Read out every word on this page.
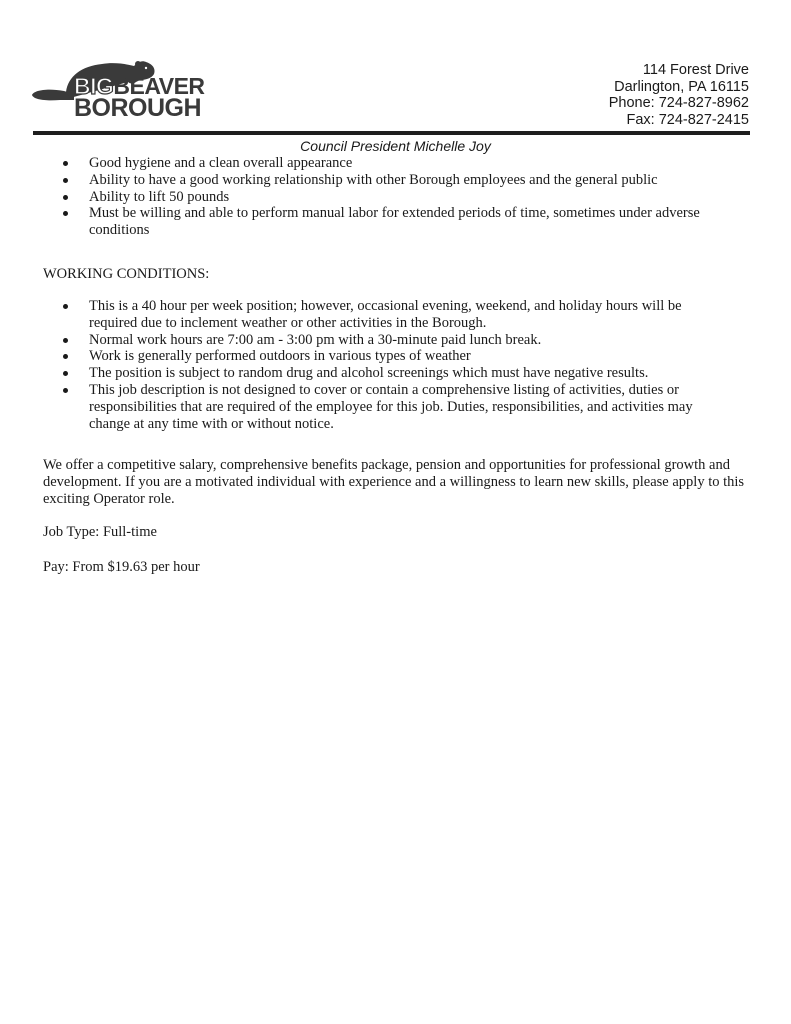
BIGBEAVER
BOROUGH
114 Forest Drive
Darlington, PA 16115
Phone: 724-827-8962
Fax: 724-827-2415
Council President Michelle Joy
Good hygiene and a clean overall appearance
Ability to have a good working relationship with other Borough employees and the general public
Ability to lift 50 pounds
Must be willing and able to perform manual labor for extended periods of time, sometimes under adverse conditions
WORKING CONDITIONS:
This is a 40 hour per week position; however, occasional evening, weekend, and holiday hours will be required due to inclement weather or other activities in the Borough.
Normal work hours are 7:00 am - 3:00 pm with a 30-minute paid lunch break.
Work is generally performed outdoors in various types of weather
The position is subject to random drug and alcohol screenings which must have negative results.
This job description is not designed to cover or contain a comprehensive listing of activities, duties or responsibilities that are required of the employee for this job. Duties, responsibilities, and activities may change at any time with or without notice.
We offer a competitive salary, comprehensive benefits package, pension and opportunities for professional growth and development. If you are a motivated individual with experience and a willingness to learn new skills, please apply to this exciting Operator role.
Job Type: Full-time
Pay: From $19.63 per hour
